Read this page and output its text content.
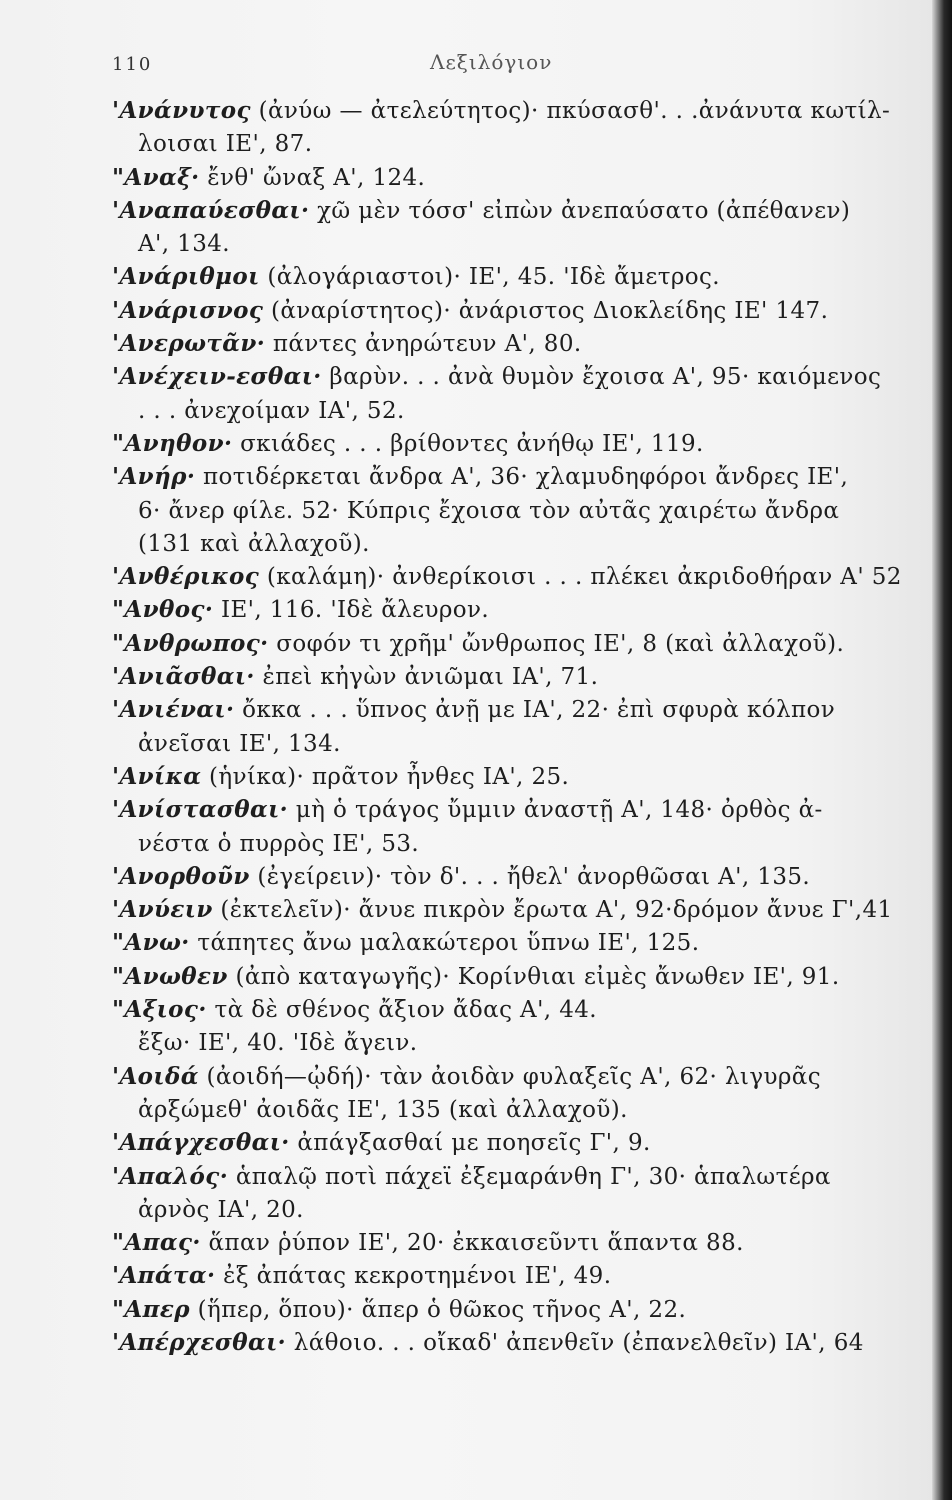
110	Λεξιλόγιον
'Ανάνυτος (ἀνύω — ἀτελεύτητος)· πκύσασθ'. . .ἀνάνυτα κωτίλ-
λοισαι IE', 87.
"Αναξ· ἔνθ' ὤναξ A', 124.
'Αναπαύεσθαι· χῶ μὲν τόσσ' εἰπὼν ἀνεπαύσατο (ἀπέθανεν)
A', 134.
'Ανάριθμοι (ἀλογάριαστοι)· IE', 45. 'Ιδὲ ἄμετρος.
'Ανάρισνος (ἀναρίστητος)· ἀνάριστος Διοκλείδης IE' 147.
'Ανερωτᾶν· πάντες ἀνηρώτευν A', 80.
'Ανέχειν-εσθαι· βαρὺν. . . ἀνὰ θυμὸν ἔχοισα A', 95· καιόμενος
. . . ἀνεχοίμαν IA', 52.
"Ανηθον· σκιάδες . . . βρίθοντες ἀνήθῳ IE', 119.
'Ανήρ· ποτιδέρκεται ἄνδρα A', 36· χλαμυδηφόροι ἄνδρες IE',
6· ἄνερ φίλε. 52· Κύπρις ἔχοισα τὸν αὐτᾶς χαιρέτω ἄνδρα
(131 καὶ ἀλλαχοῦ).
'Ανθέρικος (καλάμη)· ἀνθερίκοισι . . . πλέκει ἀκριδοθήραν A' 52
"Ανθος· IE', 116. 'Ιδὲ ἄλευρον.
"Ανθρωπος· σοφόν τι χρῆμ' ὤνθρωπος IE', 8 (καὶ ἀλλαχοῦ).
'Ανιᾶσθαι· ἐπεὶ κἠγὼν ἀνιῶμαι IA', 71.
'Ανιέναι· ὄκκα . . . ὕπνος ἀνῇ με IA', 22· ἐπὶ σφυρὰ κόλπον
ἀνεῖσαι IE', 134.
'Ανίκα (ἡνίκα)· πρᾶτον ἦνθες IA', 25.
'Ανίστασθαι· μὴ ὁ τράγος ὔμμιν ἀναστῇ A', 148· ὀρθὸς ἀ-
νέστα ὁ πυρρὸς IE', 53.
'Ανορθοῦν (ἐγείρειν)· τὸν δ'. . . ἤθελ' ἀνορθῶσαι A', 135.
'Ανύειν (ἐκτελεῖν)· ἄνυε πικρὸν ἔρωτα A', 92·δρόμον ἄνυε Γ',41
"Ανω· τάπητες ἄνω μαλακώτεροι ὕπνω IE', 125.
"Ανωθεν (ἀπὸ καταγωγῆς)· Κορίνθιαι εἰμὲς ἄνωθεν IE', 91.
"Αξιος· τὰ δὲ σθένος ἄξιον ἄδας A', 44.
ἔξω· IE', 40. 'Ιδὲ ἄγειν.
'Αοιδά (ἀοιδή—ᾠδή)· τὰν ἀοιδὰν φυλαξεῖς A', 62· λιγυρᾶς
ἀρξώμεθ' ἀοιδᾶς IE', 135 (καὶ ἀλλαχοῦ).
'Απάγχεσθαι· ἀπάγξασθαί με ποησεῖς Γ', 9.
'Απαλός· ἁπαλῷ ποτὶ πάχεϊ ἐξεμαράνθη Γ', 30· ἁπαλωτέρα
ἀρνὸς IA', 20.
"Απας· ἅπαν ῥύπον IE', 20· ἐκκαισεῦντι ἅπαντα 88.
'Απάτα· ἐξ ἀπάτας κεκροτημένοι IE', 49.
"Απερ (ἥπερ, ὅπου)· ἅπερ ὁ θῶκος τῆνος A', 22.
'Απέρχεσθαι· λάθοιο. . . οἴκαδ' ἀπενθεῖν (ἐπανελθεῖν) IA', 64
